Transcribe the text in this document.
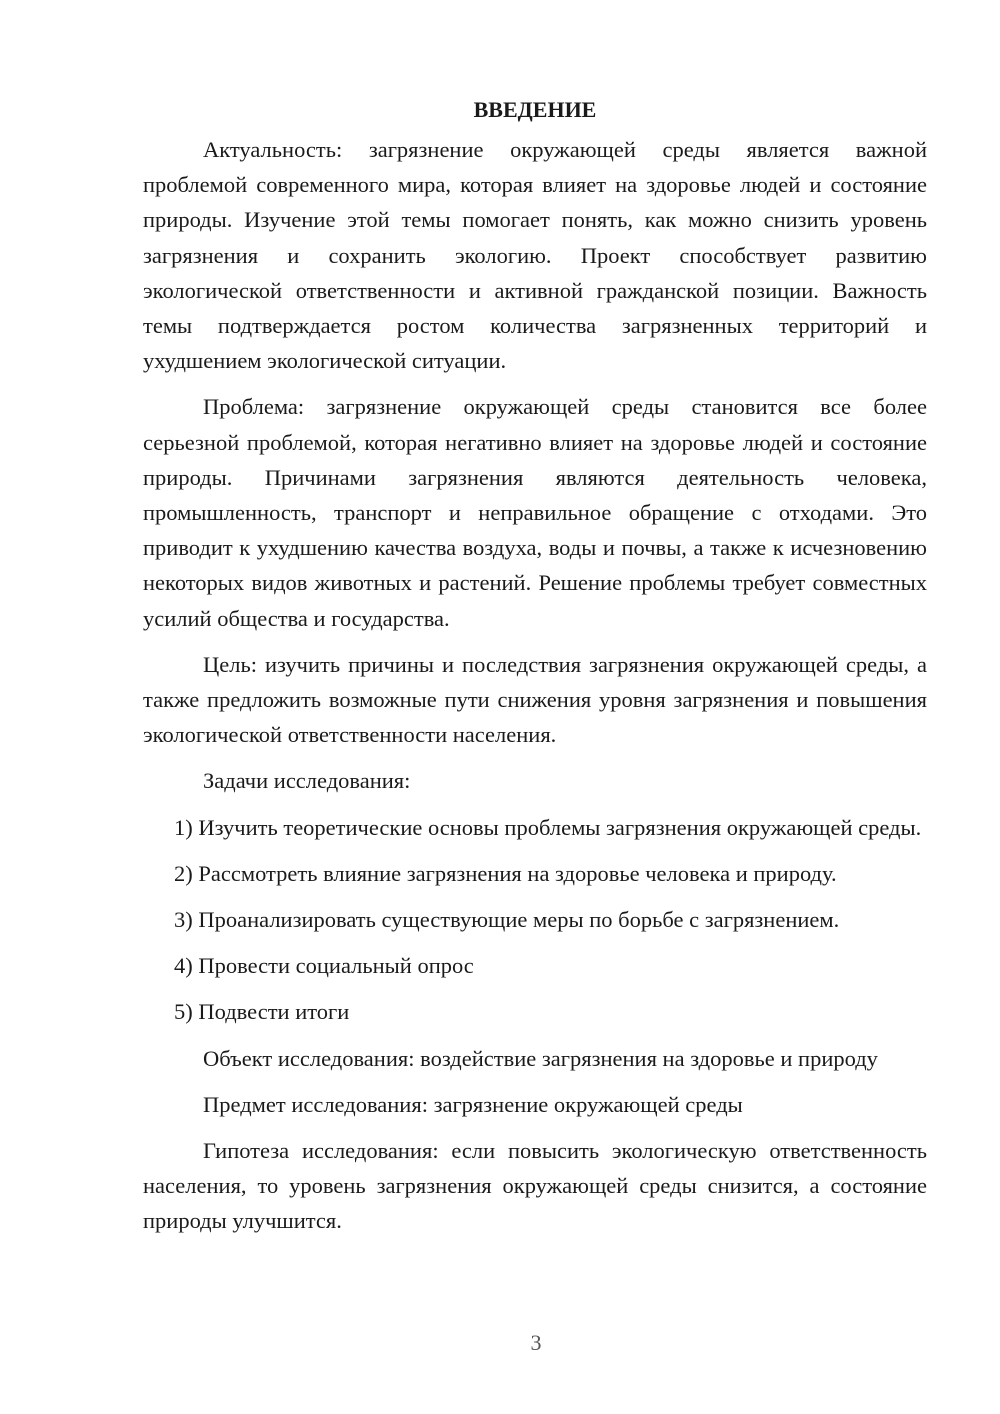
ВВЕДЕНИЕ

Актуальность: загрязнение окружающей среды является важной проблемой современного мира, которая влияет на здоровье людей и состояние природы. Изучение этой темы помогает понять, как можно снизить уровень загрязнения и сохранить экологию. Проект способствует развитию экологической ответственности и активной гражданской позиции. Важность темы подтверждается ростом количества загрязненных территорий и ухудшением экологической ситуации.

Проблема: загрязнение окружающей среды становится все более серьезной проблемой, которая негативно влияет на здоровье людей и состояние природы. Причинами загрязнения являются деятельность человека, промышленность, транспорт и неправильное обращение с отходами. Это приводит к ухудшению качества воздуха, воды и почвы, а также к исчезновению некоторых видов животных и растений. Решение проблемы требует совместных усилий общества и государства.

Цель: изучить причины и последствия загрязнения окружающей среды, а также предложить возможные пути снижения уровня загрязнения и повышения экологической ответственности населения.

Задачи исследования:

1) Изучить теоретические основы проблемы загрязнения окружающей среды.

2) Рассмотреть влияние загрязнения на здоровье человека и природу.

3) Проанализировать существующие меры по борьбе с загрязнением.

4) Провести социальный опрос

5) Подвести итоги

Объект исследования: воздействие загрязнения на здоровье и природу

Предмет исследования: загрязнение окружающей среды

Гипотеза исследования: если повысить экологическую ответственность населения, то уровень загрязнения окружающей среды снизится, а состояние природы улучшится.

3
